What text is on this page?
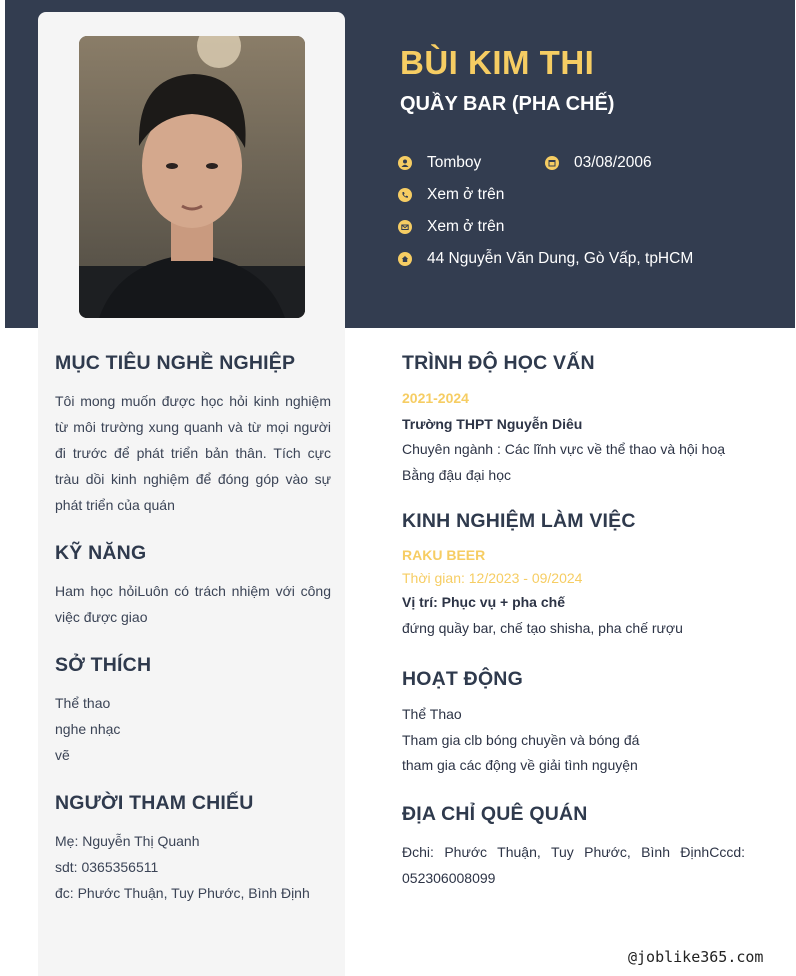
BÙI KIM THI
QUẦY BAR (PHA CHẾ)
Tomboy	03/08/2006
Xem ở trên
Xem ở trên
44 Nguyễn Văn Dung, Gò Vấp, tpHCM
MỤC TIÊU NGHỀ NGHIỆP

Tôi mong muốn được học hỏi kinh nghiệm từ môi trường xung quanh và từ mọi người đi trước để phát triển bản thân. Tích cực tràu dồi kinh nghiệm để đóng góp vào sự phát triển của quán

KỸ NĂNG

Ham học hỏiLuôn có trách nhiệm với công việc được giao

SỞ THÍCH
Thể thao
nghe nhạc
vẽ
NGƯỜI THAM CHIẾU
Mẹ: Nguyễn Thị Quanh
sdt: 0365356511
đc: Phước Thuận, Tuy Phước, Bình Định
TRÌNH ĐỘ HỌC VẤN
2021-2024
Trường THPT Nguyễn Diêu
Chuyên ngành : Các lĩnh vực về thể thao và hội hoạ
Bằng đậu đại học
KINH NGHIỆM LÀM VIỆC
RAKU BEER
Thời gian: 12/2023 - 09/2024
Vị trí: Phục vụ + pha chế
đứng quầy bar, chế tạo shisha, pha chế rượu
HOẠT ĐỘNG
Thể Thao
Tham gia clb bóng chuyền và bóng đá
tham gia các động về giải tình nguyện
ĐỊA CHỈ QUÊ QUÁN

Đchi: Phước Thuận, Tuy Phước, Bình ĐịnhCccd: 052306008099

@joblike365.com
